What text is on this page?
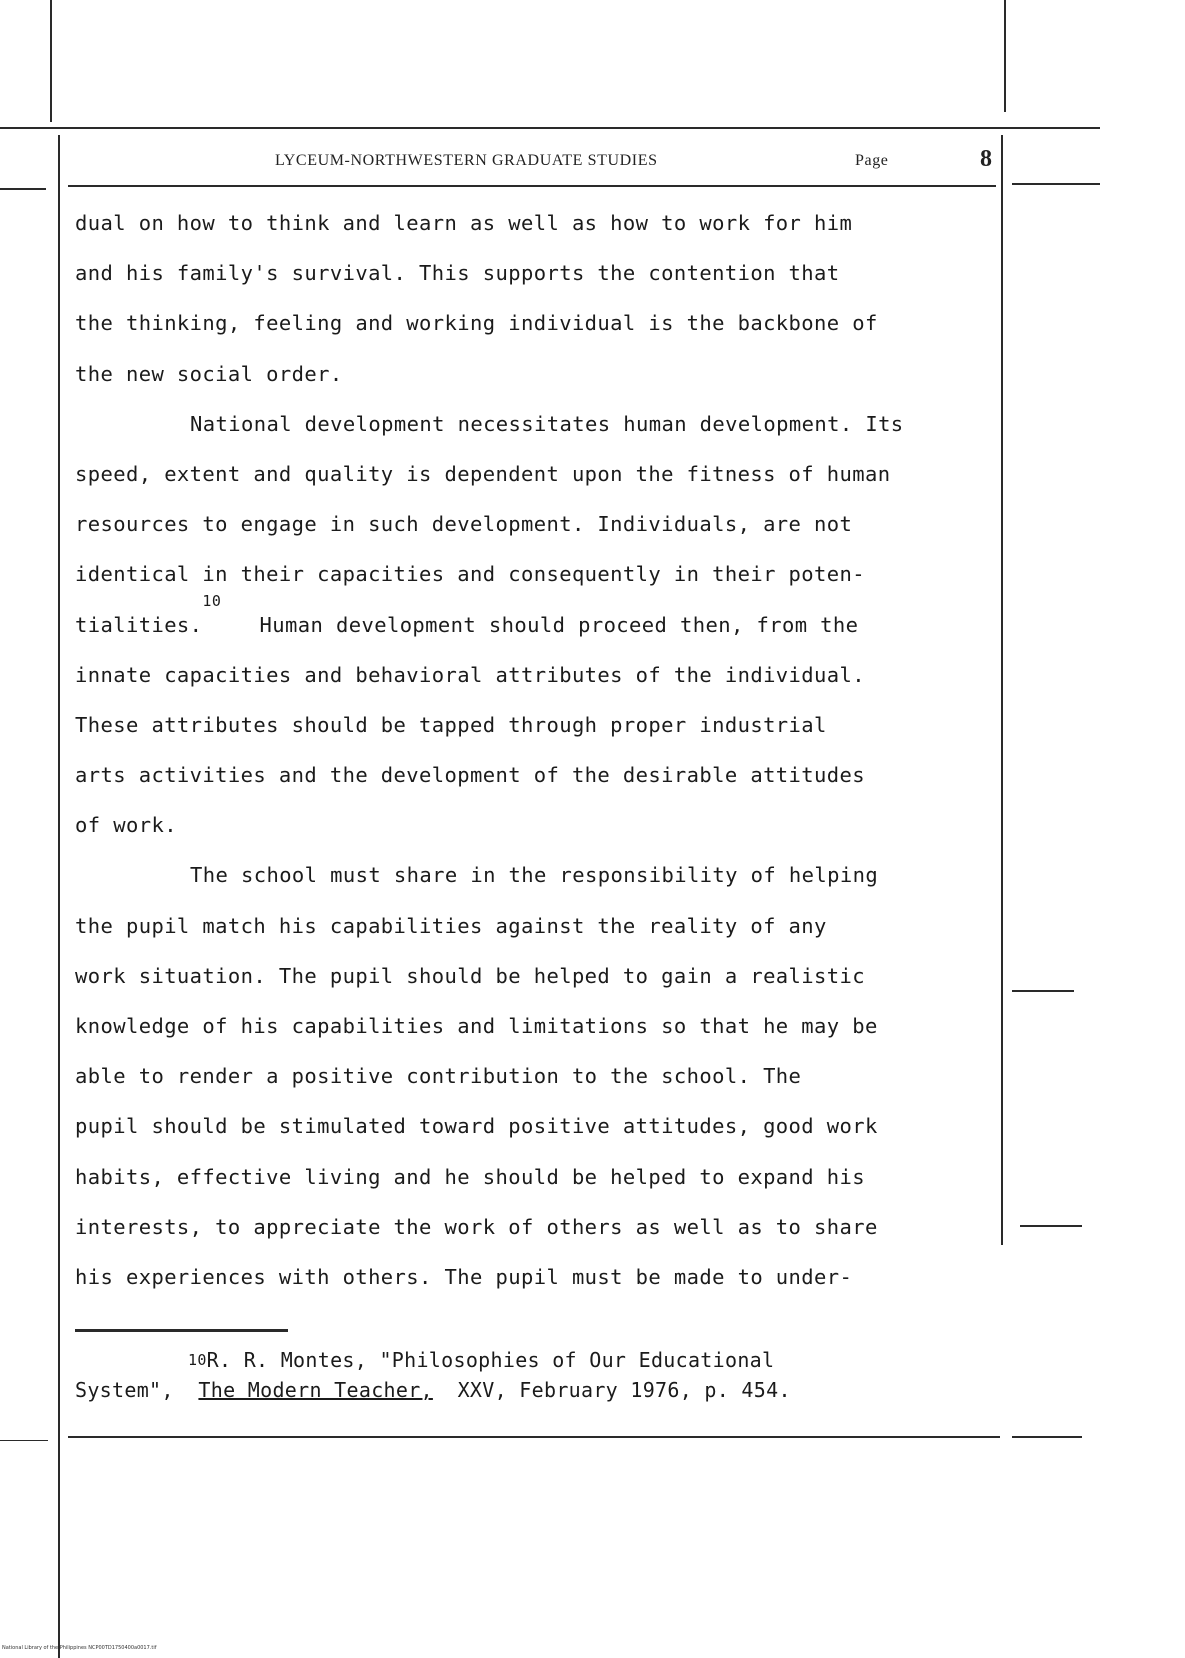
LYCEUM-NORTHWESTERN GRADUATE STUDIES	Page	8
dual on how to think and learn as well as how to work for him
and his family's survival. This supports the contention that
the thinking, feeling and working individual is the backbone of
the new social order.
National development necessitates human development. Its
speed, extent and quality is dependent upon the fitness of human
resources to engage in such development. Individuals, are not
identical in their capacities and consequently in their poten-
tialities.$^{10}$   Human development should proceed then, from the
innate capacities and behavioral attributes of the individual.
These attributes should be tapped through proper industrial
arts activities and the development of the desirable attitudes
of work.
The school must share in the responsibility of helping
the pupil match his capabilities against the reality of any
work situation. The pupil should be helped to gain a realistic
knowledge of his capabilities and limitations so that he may be
able to render a positive contribution to the school. The
pupil should be stimulated toward positive attitudes, good work
habits, effective living and he should be helped to expand his
interests, to appreciate the work of others as well as to share
his experiences with others. The pupil must be made to under-
$^{10}$R. R. Montes, "Philosophies of Our Educational
System", The Modern Teacher, XXV, February 1976, p. 454.
National Library of the Philippines NCP00TD1750400a0017.tif
